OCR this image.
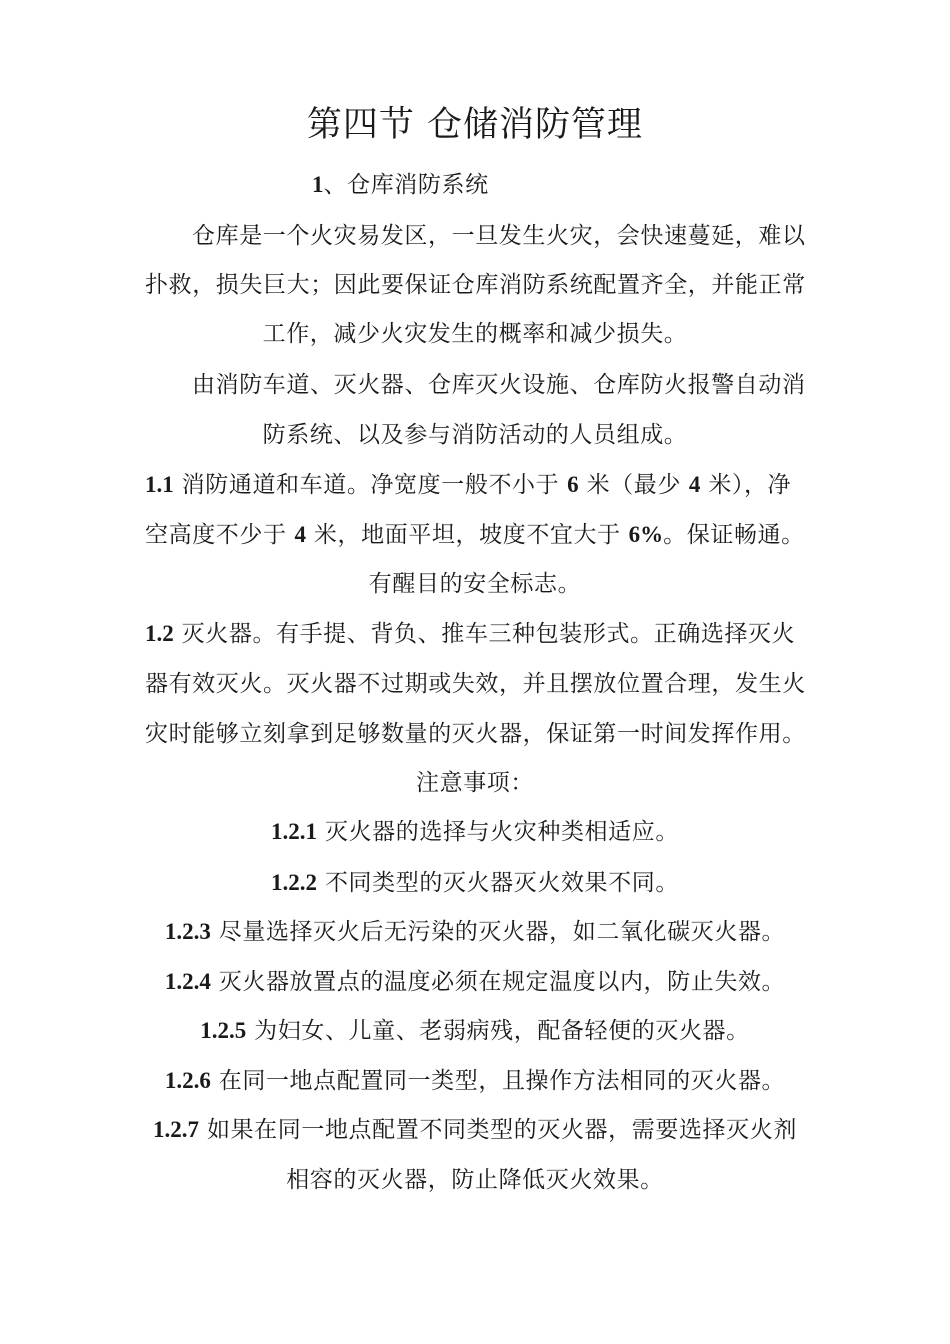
第四节 仓储消防管理
1、仓库消防系统
仓库是一个火灾易发区，一旦发生火灾，会快速蔓延，难以
扑救，损失巨大；因此要保证仓库消防系统配置齐全，并能正常
工作，减少火灾发生的概率和减少损失。
由消防车道、灭火器、仓库灭火设施、仓库防火报警自动消
防系统、以及参与消防活动的人员组成。
1.1 消防通道和车道。净宽度一般不小于 6 米（最少 4 米），净
空高度不少于 4 米，地面平坦，坡度不宜大于 6%。保证畅通。
有醒目的安全标志。
1.2 灭火器。有手提、背负、推车三种包装形式。正确选择灭火
器有效灭火。灭火器不过期或失效，并且摆放位置合理，发生火
灾时能够立刻拿到足够数量的灭火器，保证第一时间发挥作用。
注意事项：
1.2.1 灭火器的选择与火灾种类相适应。
1.2.2 不同类型的灭火器灭火效果不同。
1.2.3 尽量选择灭火后无污染的灭火器，如二氧化碳灭火器。
1.2.4 灭火器放置点的温度必须在规定温度以内，防止失效。
1.2.5 为妇女、儿童、老弱病残，配备轻便的灭火器。
1.2.6 在同一地点配置同一类型，且操作方法相同的灭火器。
1.2.7 如果在同一地点配置不同类型的灭火器，需要选择灭火剂
相容的灭火器，防止降低灭火效果。
